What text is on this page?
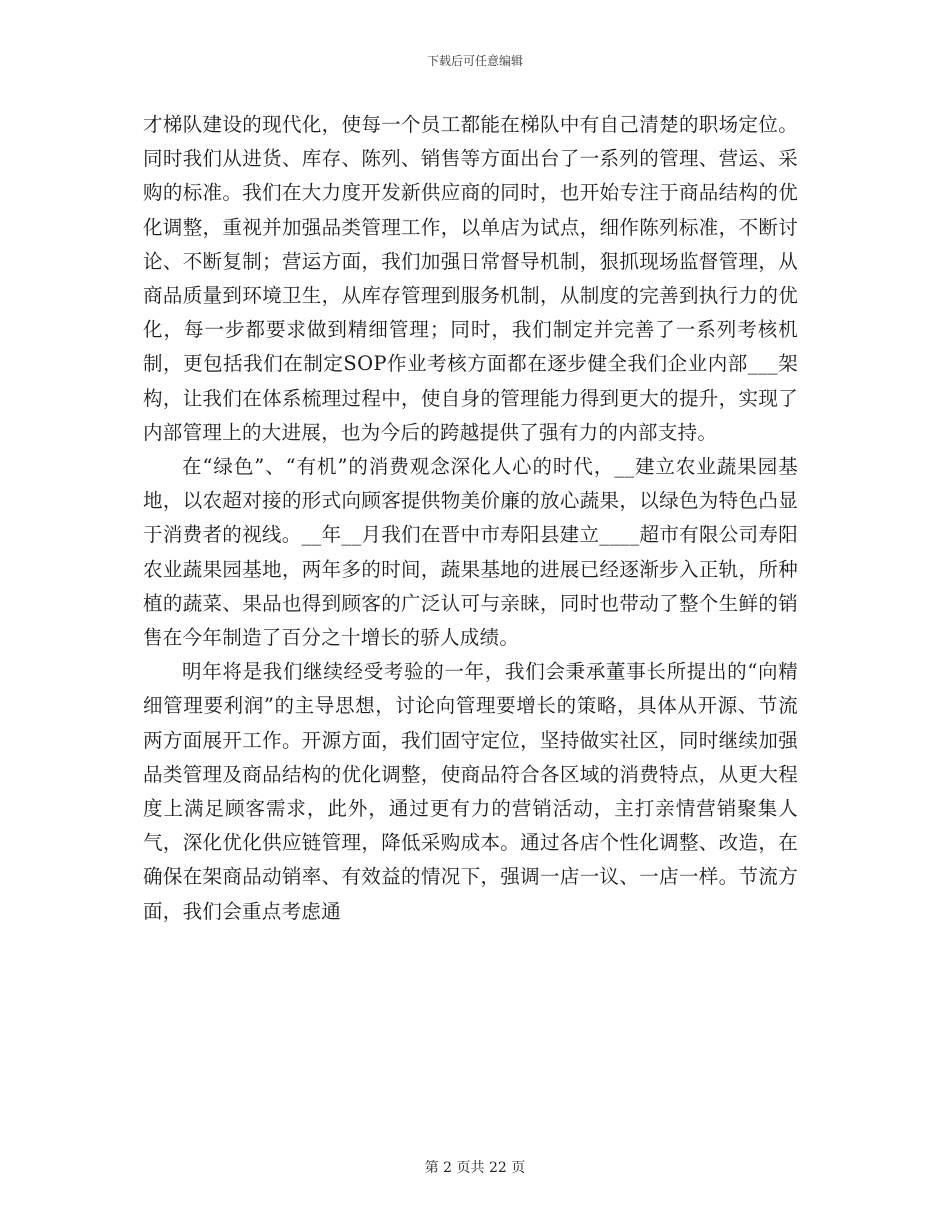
下载后可任意编辑

才梯队建设的现代化，使每一个员工都能在梯队中有自己清楚的职场定位。同时我们从进货、库存、陈列、销售等方面出台了一系列的管理、营运、采购的标准。我们在大力度开发新供应商的同时，也开始专注于商品结构的优化调整，重视并加强品类管理工作，以单店为试点，细作陈列标准，不断讨论、不断复制；营运方面，我们加强日常督导机制，狠抓现场监督管理，从商品质量到环境卫生，从库存管理到服务机制，从制度的完善到执行力的优化，每一步都要求做到精细管理；同时，我们制定并完善了一系列考核机制，更包括我们在制定SOP作业考核方面都在逐步健全我们企业内部___架构，让我们在体系梳理过程中，使自身的管理能力得到更大的提升，实现了内部管理上的大进展，也为今后的跨越提供了强有力的内部支持。

在“绿色”、“有机”的消费观念深化人心的时代，__建立农业蔬果园基地，以农超对接的形式向顾客提供物美价廉的放心蔬果，以绿色为特色凸显于消费者的视线。__年__月我们在晋中市寿阳县建立____超市有限公司寿阳农业蔬果园基地，两年多的时间，蔬果基地的进展已经逐渐步入正轨，所种植的蔬菜、果品也得到顾客的广泛认可与亲睐，同时也带动了整个生鲜的销售在今年制造了百分之十增长的骄人成绩。

明年将是我们继续经受考验的一年，我们会秉承董事长所提出的“向精细管理要利润”的主导思想，讨论向管理要增长的策略，具体从开源、节流两方面展开工作。开源方面，我们固守定位，坚持做实社区，同时继续加强品类管理及商品结构的优化调整，使商品符合各区域的消费特点，从更大程度上满足顾客需求，此外，通过更有力的营销活动，主打亲情营销聚集人气，深化优化供应链管理，降低采购成本。通过各店个性化调整、改造，在确保在架商品动销率、有效益的情况下，强调一店一议、一店一样。节流方面，我们会重点考虑通

第 2 页共 22 页
